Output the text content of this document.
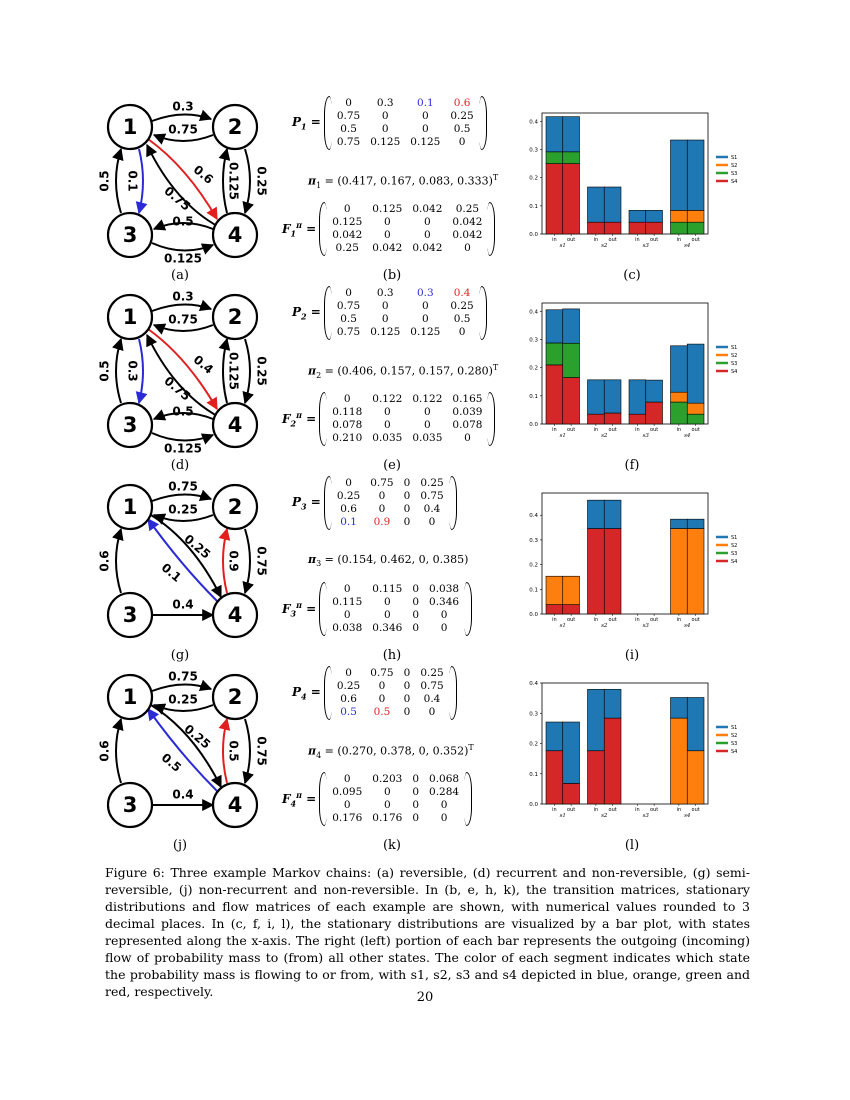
0.3
0.75
0.5 0.1	0.125 0.25
0.5
0.125
0.6
0.75
1	2
3	4
(a)
$P_1$ =
0	0.3	0.1	0.6
0.75	0	0	0.25
0.5	0	0	0.5
0.75	0.125	0.125	0
$\pi_1 = (0.417$, 0.167, 0.083, 0.333)$^T$
$F_1^\pi$ =
0	0.125	0.042	0.25
0.125	0	0	0.042
0.042	0	0	0.042
0.25	0.042	0.042	0
(b)
0.0
0.1
0.2
0.3
0.4
in out
s1
in out
s2
in out
s3
in out
s4
S1
S2
S3
S4
(c)
0.3
0.75
0.5 0.3	0.125 0.25
0.5
0.125
0.4
0.75
1	2
3	4
(d)
$P_2$ =
0	0.3	0.3	0.4
0.75	0	0	0.25
0.5	0	0	0.5
0.75	0.125	0.125	0
$\pi_2 = (0.406$, 0.157, 0.157, 0.280)$^T$
$F_2^\pi$ =
0	0.122	0.122	0.165
0.118	0	0	0.039
0.078	0	0	0.078
0.210	0.035	0.035	0
(e)
0.0
0.1
0.2
0.3
0.4
in out
s1
in out
s2
in out
s3
in out
s4
S1
S2
S3
S4
(f)
0.75
0.25
0.6	0.9 0.75
0.4
0.1
0.25
1	2
3	4
(g)
$P_3$ =
0	0.75	0	0.25
0.25	0	0	0.75
0.6	0	0	0.4
0.1	0.9	0	0
$\pi_3 = (0.154$, 0.462, 0, 0.385)
$F_3^\pi$ =
0	0.115	0	0.038
0.115	0	0	0.346
0	0	0	0
0.038	0.346	0	0
(h)
0.0
0.1
0.2
0.3
0.4
in out
s1
in out
s2
in out
s3
in out
s4
S1
S2
S3
S4
(i)
0.75
0.25
0.6	0.5 0.75
0.4
0.5
0.25
1	2
3	4
(j)
$P_4$ =
0	0.75	0	0.25
0.25	0	0	0.75
0.6	0	0	0.4
0.5	0.5	0	0
$\pi_4 = (0.270$, 0.378, 0, 0.352)$^T$
$F_4^\pi$ =
0	0.203	0	0.068
0.095	0	0	0.284
0	0	0	0
0.176	0.176	0	0
(k)
0.0
0.1
0.2
0.3
0.4
in out
s1
in out
s2
in out
s3
in out
s4
S1
S2
S3
S4
(l)
Figure 6: Three example Markov chains: (a) reversible, (d) recurrent and non-reversible, (g) semi-reversible, (j) non-recurrent and non-reversible. In (b, e, h, k), the transition matrices, stationary distributions and flow matrices of each example are shown, with numerical values rounded to 3 decimal places. In (c, f, i, l), the stationary distributions are visualized by a bar plot, with states represented along the x-axis. The right (left) portion of each bar represents the outgoing (incoming) flow of probability mass to (from) all other states. The color of each segment indicates which state the probability mass is flowing to or from, with s1, s2, s3 and s4 depicted in blue, orange, green and red, respectively.	20
